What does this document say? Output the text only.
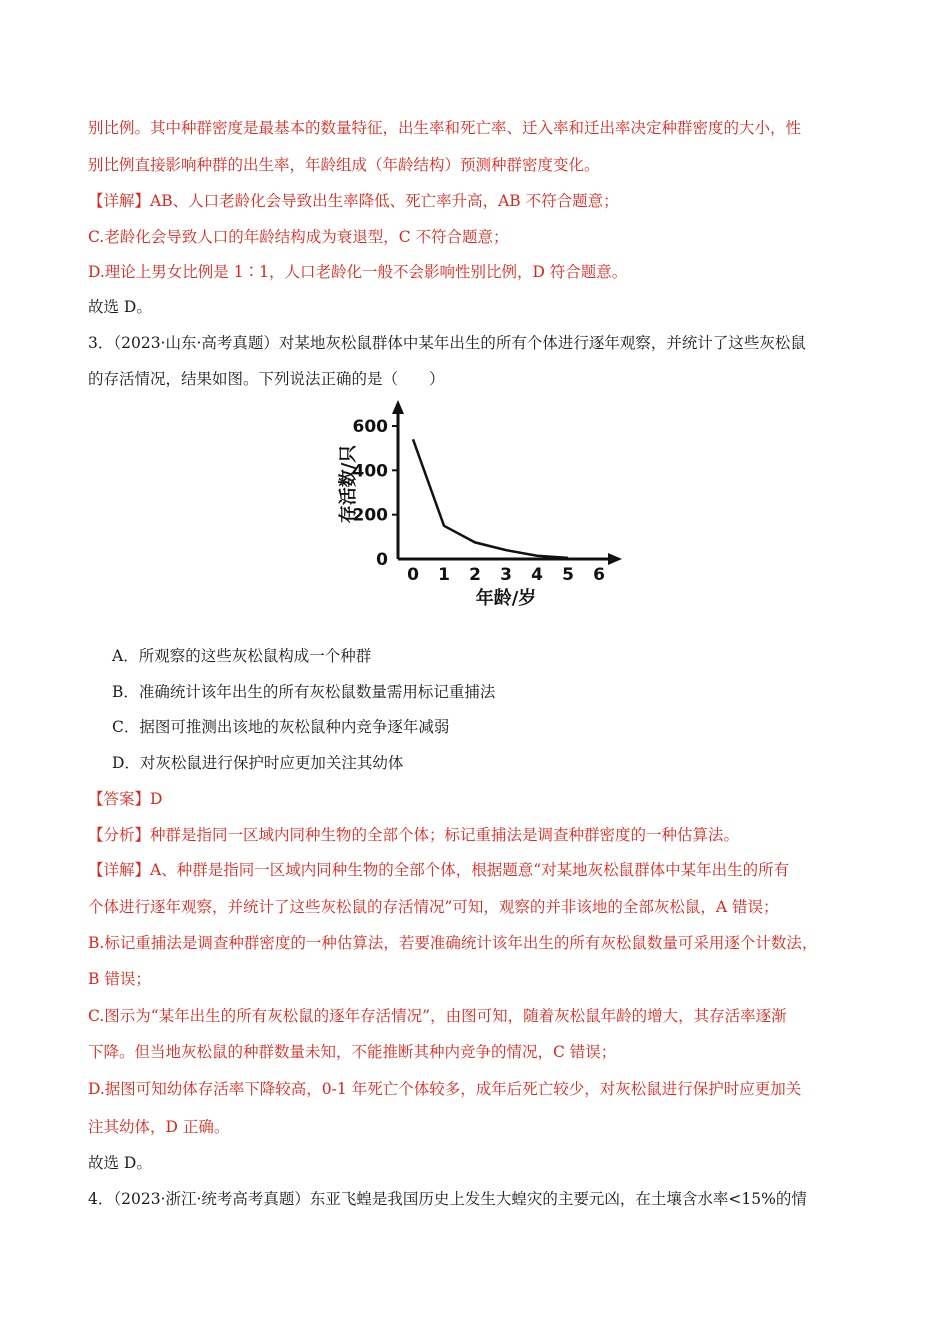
别比例。其中种群密度是最基本的数量特征，出生率和死亡率、迁入率和迁出率决定种群密度的大小，性
别比例直接影响种群的出生率，年龄组成（年龄结构）预测种群密度变化。
【详解】AB、人口老龄化会导致出生率降低、死亡率升高，AB 不符合题意；
C.老龄化会导致人口的年龄结构成为衰退型，C 不符合题意；
D.理论上男女比例是 1∶1，人口老龄化一般不会影响性别比例，D 符合题意。
故选 D。
3．（2023·山东·高考真题）对某地灰松鼠群体中某年出生的所有个体进行逐年观察，并统计了这些灰松鼠
的存活情况，结果如图。下列说法正确的是（　　）
0
200
400
600
0 1 2 3 4 5 6
存活数/只
年龄/岁
A．所观察的这些灰松鼠构成一个种群
B．准确统计该年出生的所有灰松鼠数量需用标记重捕法
C．据图可推测出该地的灰松鼠种内竞争逐年减弱
D．对灰松鼠进行保护时应更加关注其幼体
【答案】D
【分析】种群是指同一区域内同种生物的全部个体；标记重捕法是调查种群密度的一种估算法。
【详解】A、种群是指同一区域内同种生物的全部个体，根据题意“对某地灰松鼠群体中某年出生的所有
个体进行逐年观察，并统计了这些灰松鼠的存活情况”可知，观察的并非该地的全部灰松鼠，A 错误；
B.标记重捕法是调查种群密度的一种估算法，若要准确统计该年出生的所有灰松鼠数量可采用逐个计数法，
B 错误；
C.图示为“某年出生的所有灰松鼠的逐年存活情况”，由图可知，随着灰松鼠年龄的增大，其存活率逐渐
下降。但当地灰松鼠的种群数量未知，不能推断其种内竞争的情况，C 错误；
D.据图可知幼体存活率下降较高，0-1 年死亡个体较多，成年后死亡较少，对灰松鼠进行保护时应更加关
注其幼体，D 正确。
故选 D。
4．（2023·浙江·统考高考真题）东亚飞蝗是我国历史上发生大蝗灾的主要元凶，在土壤含水率<15%的情
